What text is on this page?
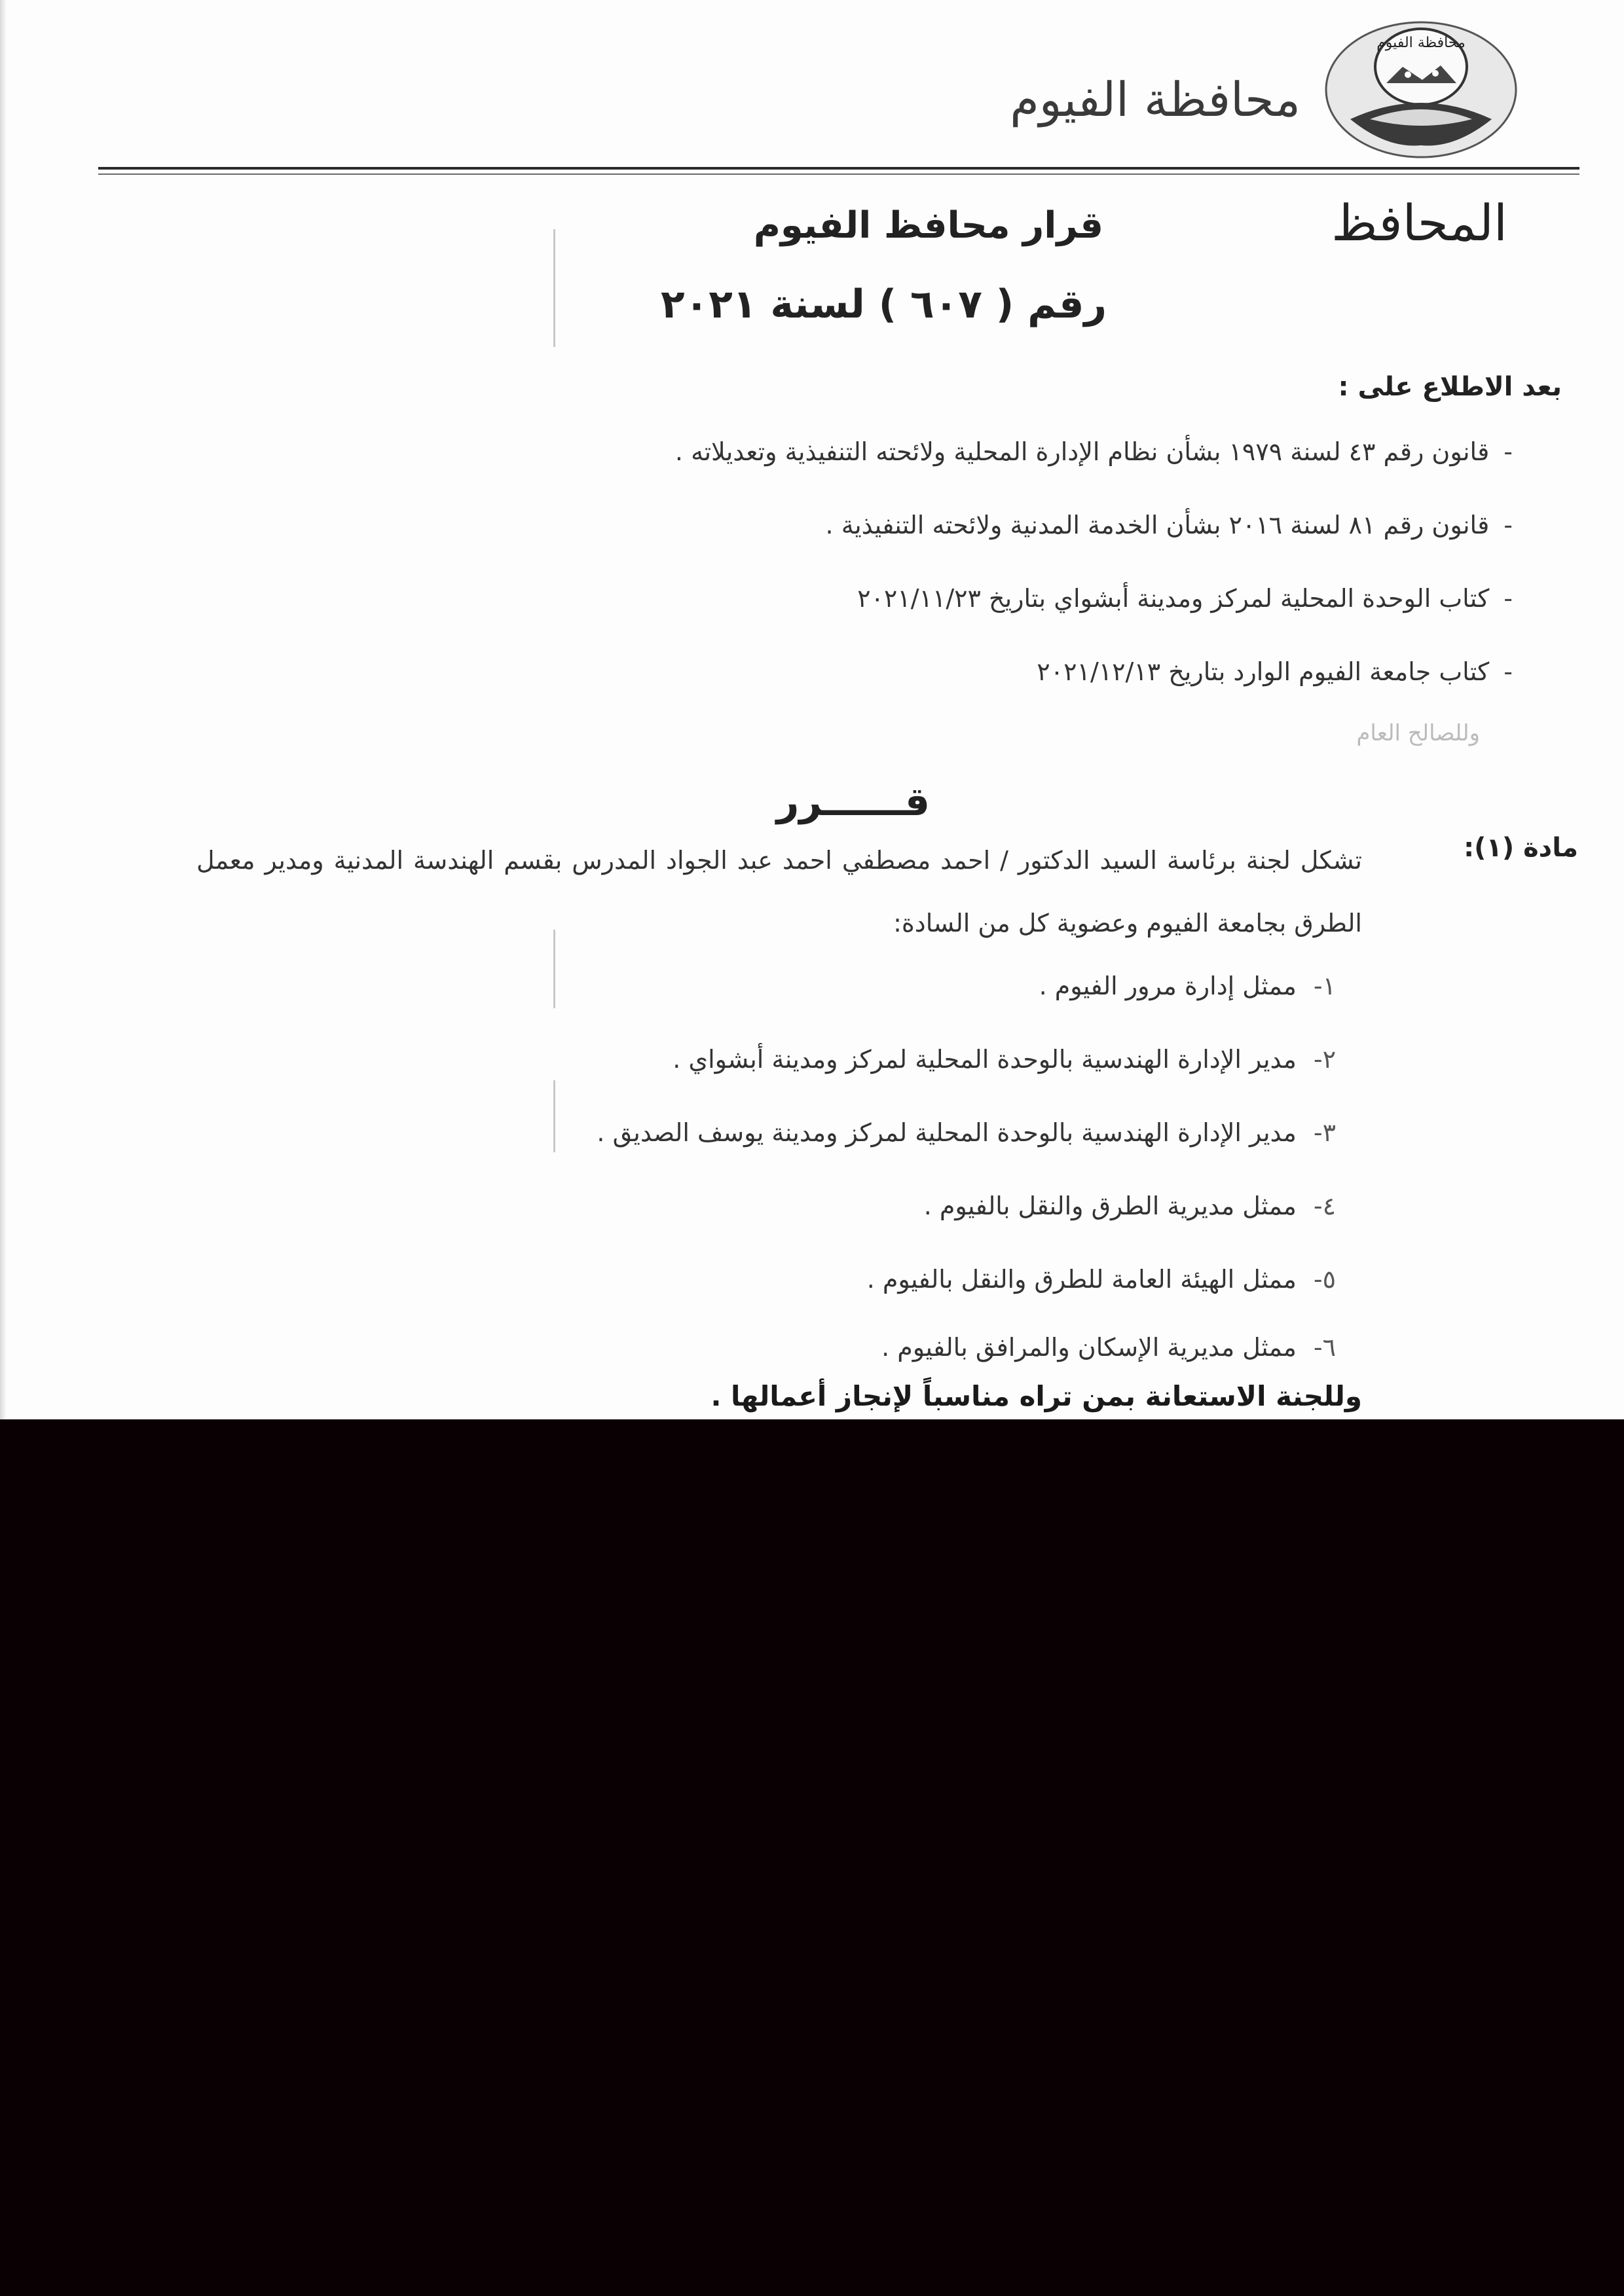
محافظة الفيوم
محافظة الفيوم
المحافظ
قرار محافظ الفيوم
رقم ( ٦٠٧ ) لسنة ٢٠٢١
بعد الاطلاع على :
-قانون رقم ٤٣ لسنة ١٩٧٩ بشأن نظام الإدارة المحلية ولائحته التنفيذية وتعديلاته .
-قانون رقم ٨١ لسنة ٢٠١٦ بشأن الخدمة المدنية ولائحته التنفيذية .
-كتاب الوحدة المحلية لمركز ومدينة أبشواي بتاريخ ٢٠٢١/١١/٢٣
-كتاب جامعة الفيوم الوارد بتاريخ ٢٠٢١/١٢/١٣
وللصالح العام
قــــــرر
مادة (١):
تشكل لجنة برئاسة السيد الدكتور / احمد مصطفي احمد عبد الجواد المدرس بقسم الهندسة المدنية ومدير معمل الطرق بجامعة الفيوم وعضوية كل من السادة:
١-ممثل إدارة مرور الفيوم .
٢-مدير الإدارة الهندسية بالوحدة المحلية لمركز ومدينة أبشواي .
٣-مدير الإدارة الهندسية بالوحدة المحلية لمركز ومدينة يوسف الصديق .
٤-ممثل مديرية الطرق والنقل بالفيوم .
٥-ممثل الهيئة العامة للطرق والنقل بالفيوم .
٦-ممثل مديرية الإسكان والمرافق بالفيوم .
وللجنة الاستعانة بمن تراه مناسباً لإنجاز أعمالها .
